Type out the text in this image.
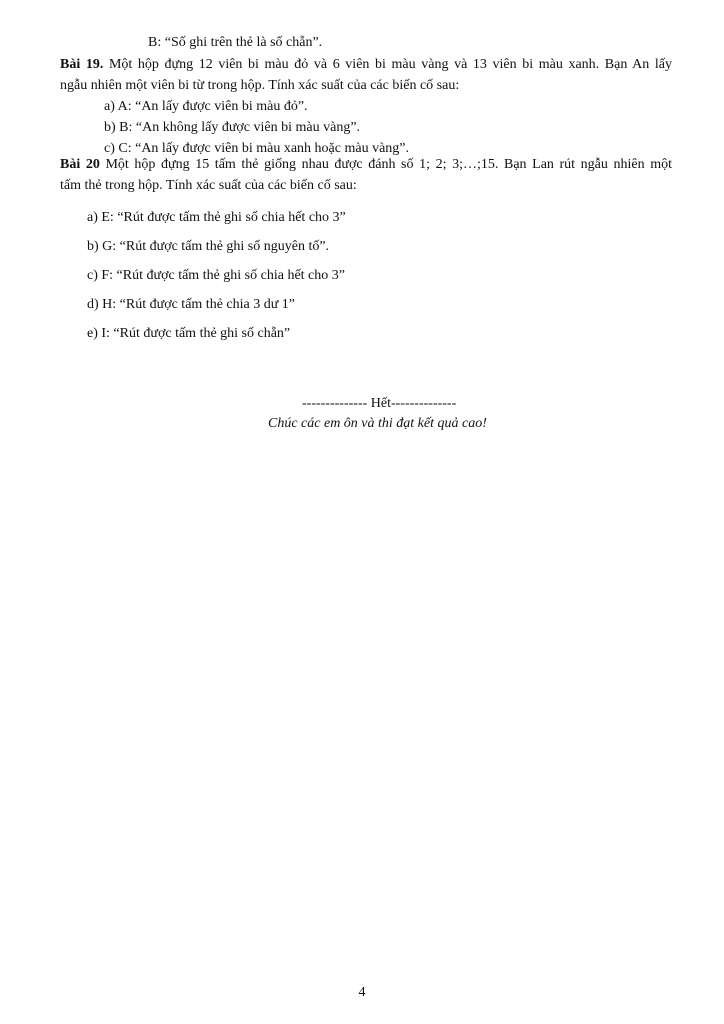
B: “Số ghi trên thẻ là số chẵn”.
Bài 19. Một hộp đựng 12 viên bi màu đỏ và 6 viên bi màu vàng và 13 viên bi màu xanh. Bạn An lấy
ngẫu nhiên một viên bi từ trong hộp. Tính xác suất của các biến cố sau:
a) A: “An lấy được viên bi màu đỏ”.
b) B: “An không lấy được viên bi màu vàng”.
c) C: “An lấy được viên bi màu xanh hoặc màu vàng”.
Bài 20 Một hộp đựng 15 tấm thẻ giống nhau được đánh số 1; 2; 3;…;15. Bạn Lan rút ngẫu nhiên một
tấm thẻ trong hộp. Tính xác suất của các biến cố sau:
a) E: “Rút được tấm thẻ ghi số chia hết cho 3”
b) G: “Rút được tấm thẻ ghi số nguyên tố”.
c) F: “Rút được tấm thẻ ghi số chia hết cho 3”
d) H: “Rút được tấm thẻ chia 3 dư 1”
e) I: “Rút được tấm thẻ ghi số chẵn”
-------------- Hết--------------
Chúc các em ôn và thi đạt kết quả cao!
4
